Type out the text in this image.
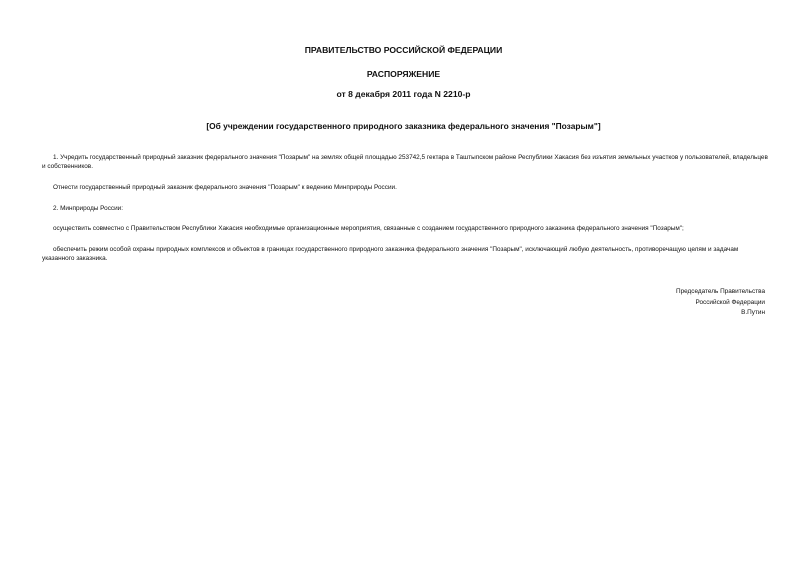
ПРАВИТЕЛЬСТВО РОССИЙСКОЙ ФЕДЕРАЦИИ
РАСПОРЯЖЕНИЕ
от 8 декабря 2011 года N 2210-р
[Об учреждении государственного природного заказника федерального значения "Позарым"]
1. Учредить государственный природный заказник федерального значения "Позарым" на землях общей площадью 253742,5 гектара в Таштыпском районе Республики Хакасия без изъятия земельных участков у пользователей, владельцев и собственников.
Отнести государственный природный заказник федерального значения "Позарым" к ведению Минприроды России.
2. Минприроды России:
осуществить совместно с Правительством Республики Хакасия необходимые организационные мероприятия, связанные с созданием государственного природного заказника федерального значения "Позарым";
обеспечить режим особой охраны природных комплексов и объектов в границах государственного природного заказника федерального значения "Позарым", исключающий любую деятельность, противоречащую целям и задачам указанного заказника.
Председатель Правительства
Российской Федерации
В.Путин
